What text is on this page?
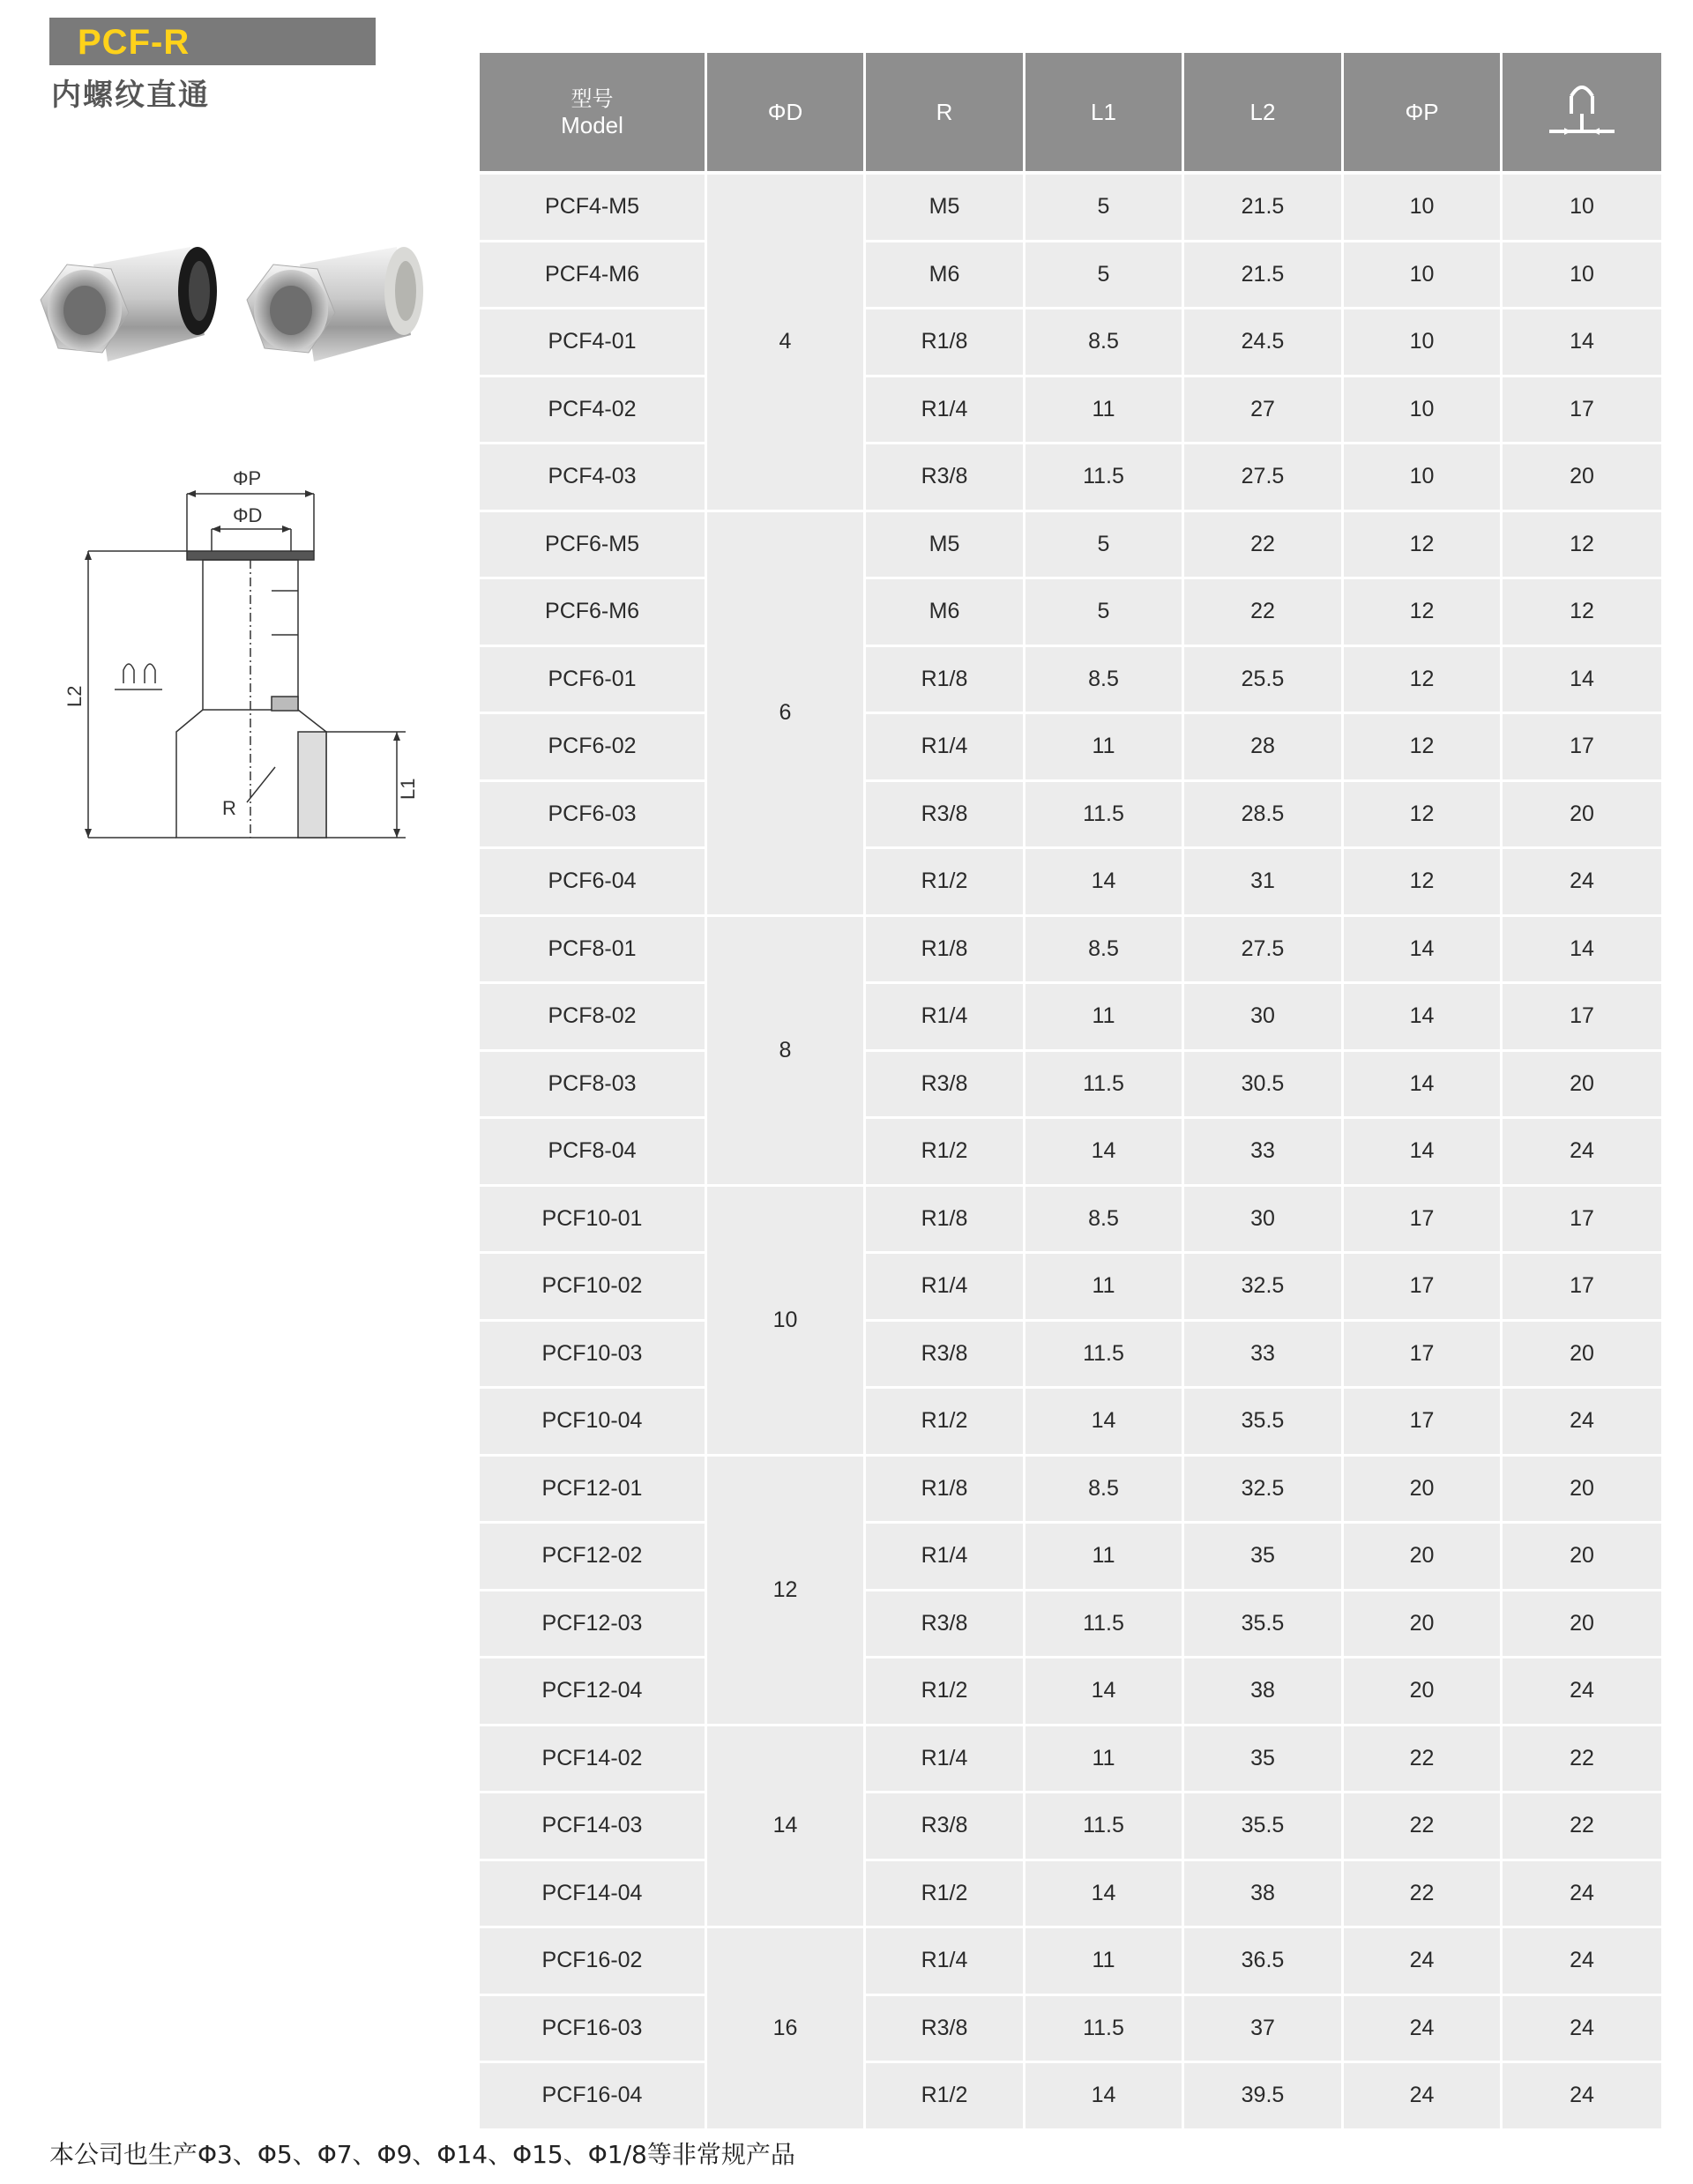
PCF-R
内螺纹直通
ΦP
ΦD
L2
L1
R
型号
Model	ΦD	R	L1	L2	ΦP	
PCF4-M5	4	M5	5	21.5	10	10
PCF4-M6		M6	5	21.5	10	10
PCF4-01		R1/8	8.5	24.5	10	14
PCF4-02		R1/4	11	27	10	17
PCF4-03		R3/8	11.5	27.5	10	20
PCF6-M5	6	M5	5	22	12	12
PCF6-M6		M6	5	22	12	12
PCF6-01		R1/8	8.5	25.5	12	14
PCF6-02		R1/4	11	28	12	17
PCF6-03		R3/8	11.5	28.5	12	20
PCF6-04		R1/2	14	31	12	24
PCF8-01	8	R1/8	8.5	27.5	14	14
PCF8-02		R1/4	11	30	14	17
PCF8-03		R3/8	11.5	30.5	14	20
PCF8-04		R1/2	14	33	14	24
PCF10-01	10	R1/8	8.5	30	17	17
PCF10-02		R1/4	11	32.5	17	17
PCF10-03		R3/8	11.5	33	17	20
PCF10-04		R1/2	14	35.5	17	24
PCF12-01	12	R1/8	8.5	32.5	20	20
PCF12-02		R1/4	11	35	20	20
PCF12-03		R3/8	11.5	35.5	20	20
PCF12-04		R1/2	14	38	20	24
PCF14-02	14	R1/4	11	35	22	22
PCF14-03		R3/8	11.5	35.5	22	22
PCF14-04		R1/2	14	38	22	24
PCF16-02	16	R1/4	11	36.5	24	24
PCF16-03		R3/8	11.5	37	24	24
PCF16-04		R1/2	14	39.5	24	24
本公司也生产Φ3、Φ5、Φ7、Φ9、Φ14、Φ15、Φ1/8等非常规产品
